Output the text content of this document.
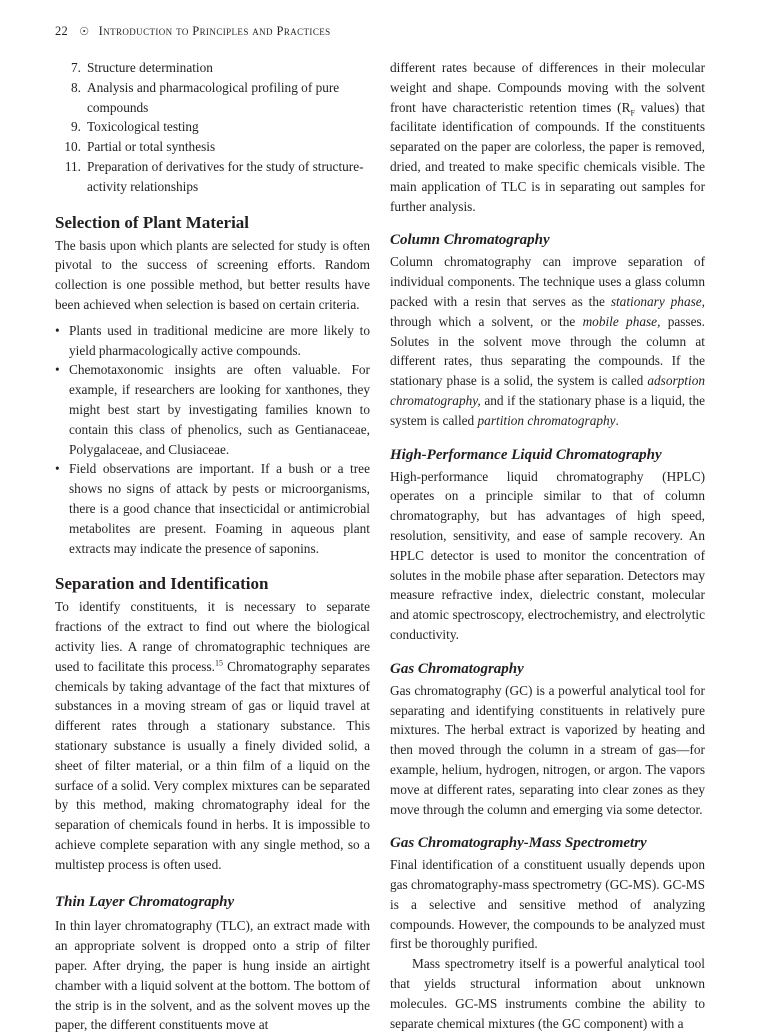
22 ☉ Introduction to Principles and Practices
7. Structure determination
8. Analysis and pharmacological profiling of pure compounds
9. Toxicological testing
10. Partial or total synthesis
11. Preparation of derivatives for the study of structure-activity relationships
Selection of Plant Material

The basis upon which plants are selected for study is often pivotal to the success of screening efforts. Random collection is one possible method, but better results have been achieved when selection is based on certain criteria.

• Plants used in traditional medicine are more likely to yield pharmacologically active compounds.
• Chemotaxonomic insights are often valuable. For example, if researchers are looking for xanthones, they might best start by investigating families known to contain this class of phenolics, such as Gentianaceae, Polygalaceae, and Clusiaceae.
• Field observations are important. If a bush or a tree shows no signs of attack by pests or microorganisms, there is a good chance that insecticidal or antimicrobial metabolites are present. Foaming in aqueous plant extracts may indicate the presence of saponins.
Separation and Identification

To identify constituents, it is necessary to separate fractions of the extract to find out where the biological activity lies. A range of chromatographic techniques are used to facilitate this process.$^{15}$ Chromatography separates chemicals by taking advantage of the fact that mixtures of substances in a moving stream of gas or liquid travel at different rates through a stationary substance. This stationary substance is usually a finely divided solid, a sheet of filter material, or a thin film of a liquid on the surface of a solid. Very complex mixtures can be separated by this method, making chromatography ideal for the separation of chemicals found in herbs. It is impossible to achieve complete separation with any single method, so a multistep process is often used.

Thin Layer Chromatography

In thin layer chromatography (TLC), an extract made with an appropriate solvent is dropped onto a strip of filter paper. After drying, the paper is hung inside an airtight chamber with a liquid solvent at the bottom. The bottom of the strip is in the solvent, and as the solvent moves up the paper, the different constituents move at

different rates because of differences in their molecular weight and shape. Compounds moving with the solvent front have characteristic retention times ($R_F$ values) that facilitate identification of compounds. If the constituents separated on the paper are colorless, the paper is removed, dried, and treated to make specific chemicals visible. The main application of TLC is in separating out samples for further analysis.

Column Chromatography

Column chromatography can improve separation of individual components. The technique uses a glass column packed with a resin that serves as the stationary phase, through which a solvent, or the mobile phase, passes. Solutes in the solvent move through the column at different rates, thus separating the compounds. If the stationary phase is a solid, the system is called adsorption chromatography, and if the stationary phase is a liquid, the system is called partition chromatography.

High-Performance Liquid Chromatography

High-performance liquid chromatography (HPLC) operates on a principle similar to that of column chromatography, but has advantages of high speed, resolution, sensitivity, and ease of sample recovery. An HPLC detector is used to monitor the concentration of solutes in the mobile phase after separation. Detectors may measure refractive index, dielectric constant, molecular and atomic spectroscopy, electrochemistry, and electrolytic conductivity.

Gas Chromatography

Gas chromatography (GC) is a powerful analytical tool for separating and identifying constituents in relatively pure mixtures. The herbal extract is vaporized by heating and then moved through the column in a stream of gas—for example, helium, hydrogen, nitrogen, or argon. The vapors move at different rates, separating into clear zones as they move through the column and emerging via some detector.

Gas Chromatography-Mass Spectrometry

Final identification of a constituent usually depends upon gas chromatography-mass spectrometry (GC-MS). GC-MS is a selective and sensitive method of analyzing compounds. However, the compounds to be analyzed must first be thoroughly purified.

Mass spectrometry itself is a powerful analytical tool that yields structural information about unknown molecules. GC-MS instruments combine the ability to separate chemical mixtures (the GC component) with a
